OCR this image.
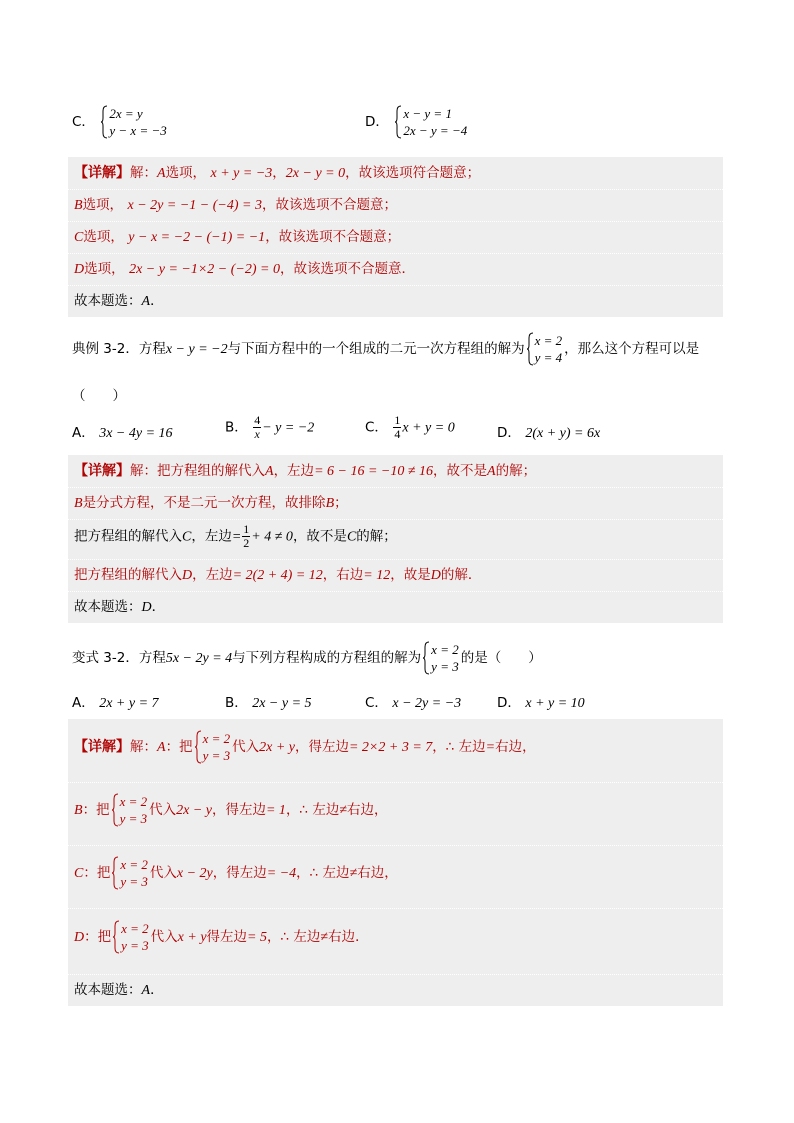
C．
2x = y
y − x = −3
D．
x − y = 1
2x − y = −4
【详解】解：A选项， x + y = −3，2x − y = 0，故该选项符合题意；
B选项， x − 2y = −1 − (−4) = 3，故该选项不合题意；
C选项， y − x = −2 − (−1) = −1，故该选项不合题意；
D选项， 2x − y = −1×2 − (−2) = 0，故该选项不合题意．
故本题选：A．
典例 3-2．方程x − y = −2与下面方程中的一个组成的二元一次方程组的解为
x = 2
y = 4
，那么这个方程可以是
（　　）
A． 3x − 4y = 16	B． $\frac{4}{x} - y = -2$	C． $\frac{1}{4}$ x + y = 0	D． 2(x + y) = 6x
【详解】解：把方程组的解代入A，左边= 6 − 16 = −10 ≠ 16，故不是A的解；
B是分式方程，不是二元一次方程，故排除B；
把方程组的解代入C，左边= $\frac{1}{2} + 4 \ne 0$，故不是C的解；
把方程组的解代入D，左边= 2(2 + 4) = 12，右边= 12，故是D的解．
故本题选：D．
变式 3-2．方程5x − 2y = 4与下列方程构成的方程组的解为
x = 2
y = 3
的是（　　）
A． 2x + y = 7	B． 2x − y = 5	C． x − 2y = −3	D． x + y = 10
【详解】解：A：把
x = 2
y = 3
代入2x + y，得左边= 2×2 + 3 = 7，∴ 左边=右边，
B：把
x = 2
y = 3
代入2x − y，得左边= 1，∴ 左边≠右边，
C：把
x = 2
y = 3
代入x − 2y，得左边= −4，∴ 左边≠右边，
D：把
x = 2
y = 3
代入x + y得左边= 5，∴ 左边≠右边．
故本题选：A．
